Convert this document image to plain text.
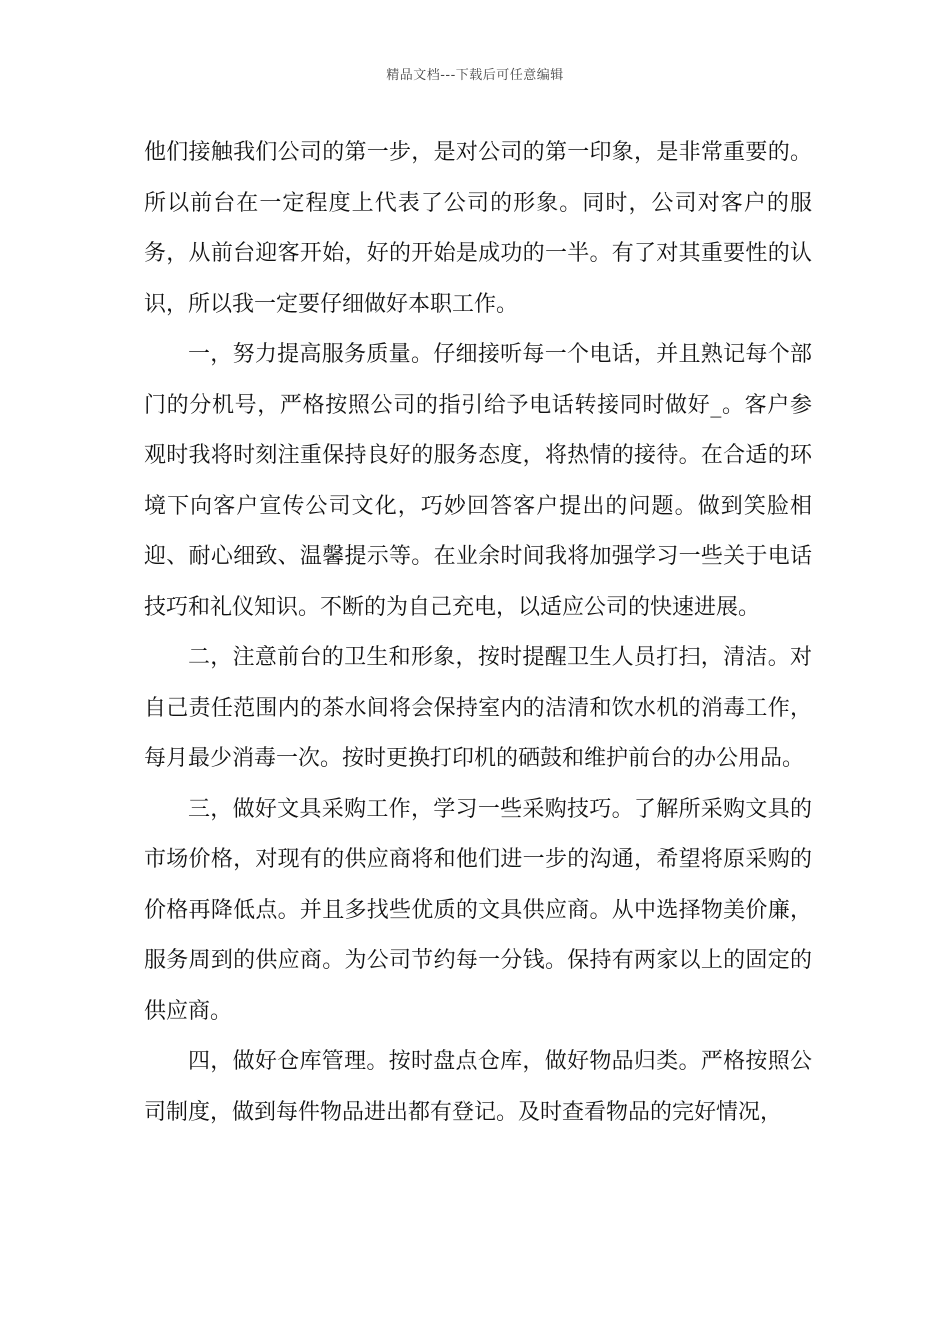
精品文档---下载后可任意编辑

他们接触我们公司的第一步，是对公司的第一印象，是非常重要的。所以前台在一定程度上代表了公司的形象。同时，公司对客户的服务，从前台迎客开始，好的开始是成功的一半。有了对其重要性的认识，所以我一定要仔细做好本职工作。

一，努力提高服务质量。仔细接听每一个电话，并且熟记每个部门的分机号，严格按照公司的指引给予电话转接同时做好_。客户参观时我将时刻注重保持良好的服务态度，将热情的接待。在合适的环境下向客户宣传公司文化，巧妙回答客户提出的问题。做到笑脸相迎、耐心细致、温馨提示等。在业余时间我将加强学习一些关于电话技巧和礼仪知识。不断的为自己充电，以适应公司的快速进展。

二，注意前台的卫生和形象，按时提醒卫生人员打扫，清洁。对自己责任范围内的茶水间将会保持室内的洁清和饮水机的消毒工作，每月最少消毒一次。按时更换打印机的硒鼓和维护前台的办公用品。

三，做好文具采购工作，学习一些采购技巧。了解所采购文具的市场价格，对现有的供应商将和他们进一步的沟通，希望将原采购的价格再降低点。并且多找些优质的文具供应商。从中选择物美价廉，服务周到的供应商。为公司节约每一分钱。保持有两家以上的固定的供应商。

四，做好仓库管理。按时盘点仓库，做好物品归类。严格按照公司制度，做到每件物品进出都有登记。及时查看物品的完好情况，
